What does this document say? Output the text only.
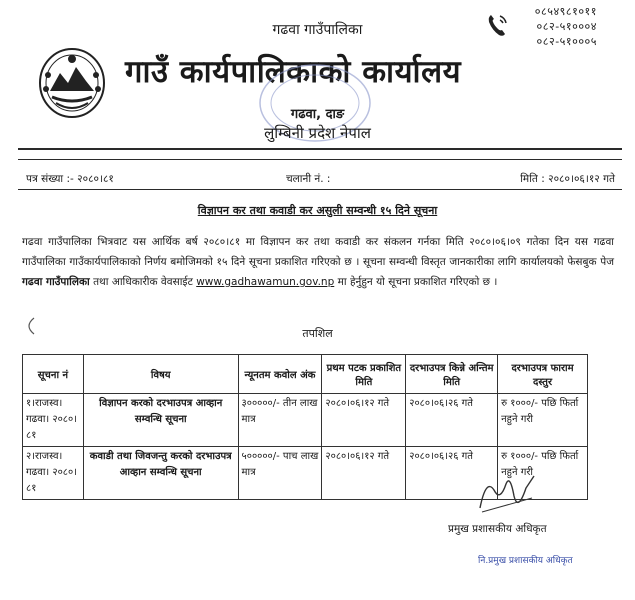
०८५४९८१०११
०८२-५१०००४
०८२-५१०००५
गढवा गाउँपालिका
गाउँ कार्यपालिकाको कार्यालय
गढवा, दाङ
लुम्बिनी प्रदेश नेपाल
पत्र संख्या :- २०८०।८१	चलानी नं. :	मिति : २०८०।०६।१२ गते
विज्ञापन कर तथा कवाडी कर असुली सम्वन्धी १५ दिने सूचना
गढवा गाउँपालिका भित्रवाट यस आर्थिक बर्ष २०८०।८१ मा विज्ञापन कर तथा कवाडी कर संकलन गर्नका मिति २०८०।०६।०९ गतेका दिन यस गढवा गाउँपालिका गाउँकार्यपालिकाको निर्णय बमोजिमको १५ दिने सूचना प्रकाशित गरिएको छ । सूचना सम्वन्धी विस्तृत जानकारीका लागि कार्यालयको फेसबुक पेज गढवा गाउँपालिका तथा आधिकारीक वेवसाईट www.gadhawamun.gov.np मा हेर्नुहुन यो सूचना प्रकाशित गरिएको छ ।
तपशिल
सूचना नं	विषय	न्यूनतम कवोल अंक	प्रथम पटक प्रकाशित मिति	दरभाउपत्र किन्ने अन्तिम मिति	दरभाउपत्र फाराम दस्तुर
१।राजस्व। गढवा। २०८०।८१	विज्ञापन करको दरभाउपत्र आव्हान सम्वन्धि सूचना	३०००००/- तीन लाख मात्र	२०८०।०६।१२ गते	२०८०।०६।२६ गते	रु १०००/- पछि फिर्ता नहुने गरी
२।राजस्व। गढवा। २०८०।८१	कवाडी तथा जिवजन्तु करको दरभाउपत्र आव्हान सम्वन्धि सूचना	५०००००/- पाच लाख मात्र	२०८०।०६।१२ गते	२०८०।०६।२६ गते	रु १०००/- पछि फिर्ता नहुने गरी
प्रमुख प्रशासकीय अधिकृत
नि.प्रमुख प्रशासकीय अधिकृत
